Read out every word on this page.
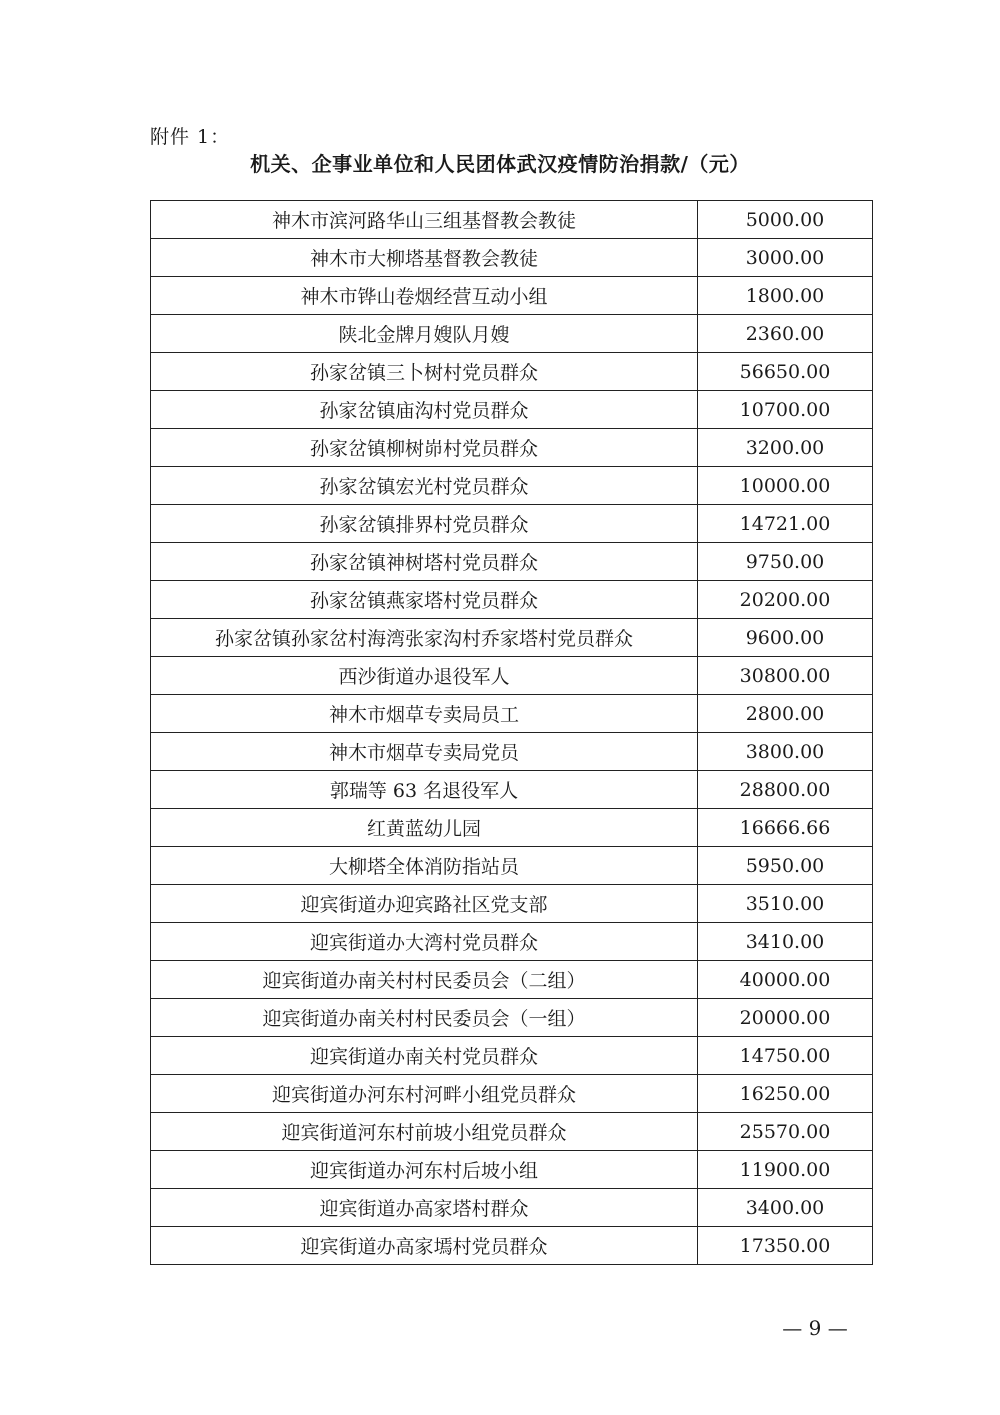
附件 1：
机关、企事业单位和人民团体武汉疫情防治捐款/（元）
神木市滨河路华山三组基督教会教徒	5000.00
神木市大柳塔基督教会教徒	3000.00
神木市铧山卷烟经营互动小组	1800.00
陕北金牌月嫂队月嫂	2360.00
孙家岔镇三卜树村党员群众	56650.00
孙家岔镇庙沟村党员群众	10700.00
孙家岔镇柳树峁村党员群众	3200.00
孙家岔镇宏光村党员群众	10000.00
孙家岔镇排界村党员群众	14721.00
孙家岔镇神树塔村党员群众	9750.00
孙家岔镇燕家塔村党员群众	20200.00
孙家岔镇孙家岔村海湾张家沟村乔家塔村党员群众	9600.00
西沙街道办退役军人	30800.00
神木市烟草专卖局员工	2800.00
神木市烟草专卖局党员	3800.00
郭瑞等 63 名退役军人	28800.00
红黄蓝幼儿园	16666.66
大柳塔全体消防指站员	5950.00
迎宾街道办迎宾路社区党支部	3510.00
迎宾街道办大湾村党员群众	3410.00
迎宾街道办南关村村民委员会（二组）	40000.00
迎宾街道办南关村村民委员会（一组）	20000.00
迎宾街道办南关村党员群众	14750.00
迎宾街道办河东村河畔小组党员群众	16250.00
迎宾街道河东村前坡小组党员群众	25570.00
迎宾街道办河东村后坡小组	11900.00
迎宾街道办高家塔村群众	3400.00
迎宾街道办高家墕村党员群众	17350.00
— 9 —
